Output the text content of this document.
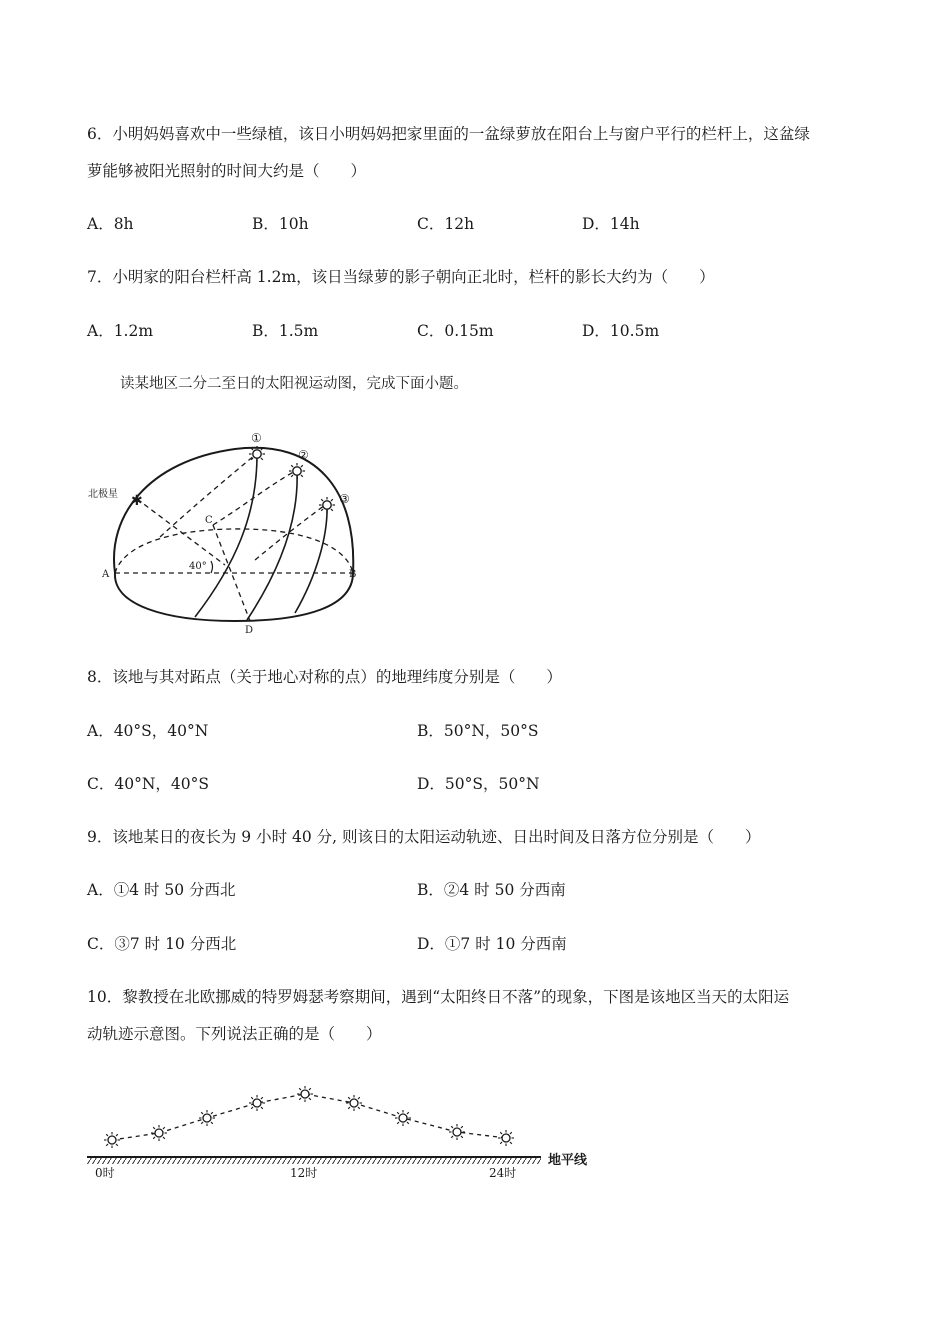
6．小明妈妈喜欢中一些绿植，该日小明妈妈把家里面的一盆绿萝放在阳台上与窗户平行的栏杆上，这盆绿
萝能够被阳光照射的时间大约是（　　）
A．8h	B．10h	C．12h	D．14h
7．小明家的阳台栏杆高 1.2m，该日当绿萝的影子朝向正北时，栏杆的影长大约为（　　）
A．1.2m	B．1.5m	C．0.15m	D．10.5m
读某地区二分二至日的太阳视运动图，完成下面小题。
✱
北极星
40°
A	B
C
D
①
②
③
8．该地与其对跖点（关于地心对称的点）的地理纬度分别是（　　）
A．40°S，40°N	B．50°N，50°S
C．40°N，40°S	D．50°S，50°N
9．该地某日的夜长为 9 小时 40 分, 则该日的太阳运动轨迹、日出时间及日落方位分别是（　　）
A．①4 时 50 分西北	B．②4 时 50 分西南
C．③7 时 10 分西北	D．①7 时 10 分西南
10．黎教授在北欧挪威的特罗姆瑟考察期间，遇到“太阳终日不落”的现象，下图是该地区当天的太阳运
动轨迹示意图。下列说法正确的是（　　）
地平线
0时	12时	24时
